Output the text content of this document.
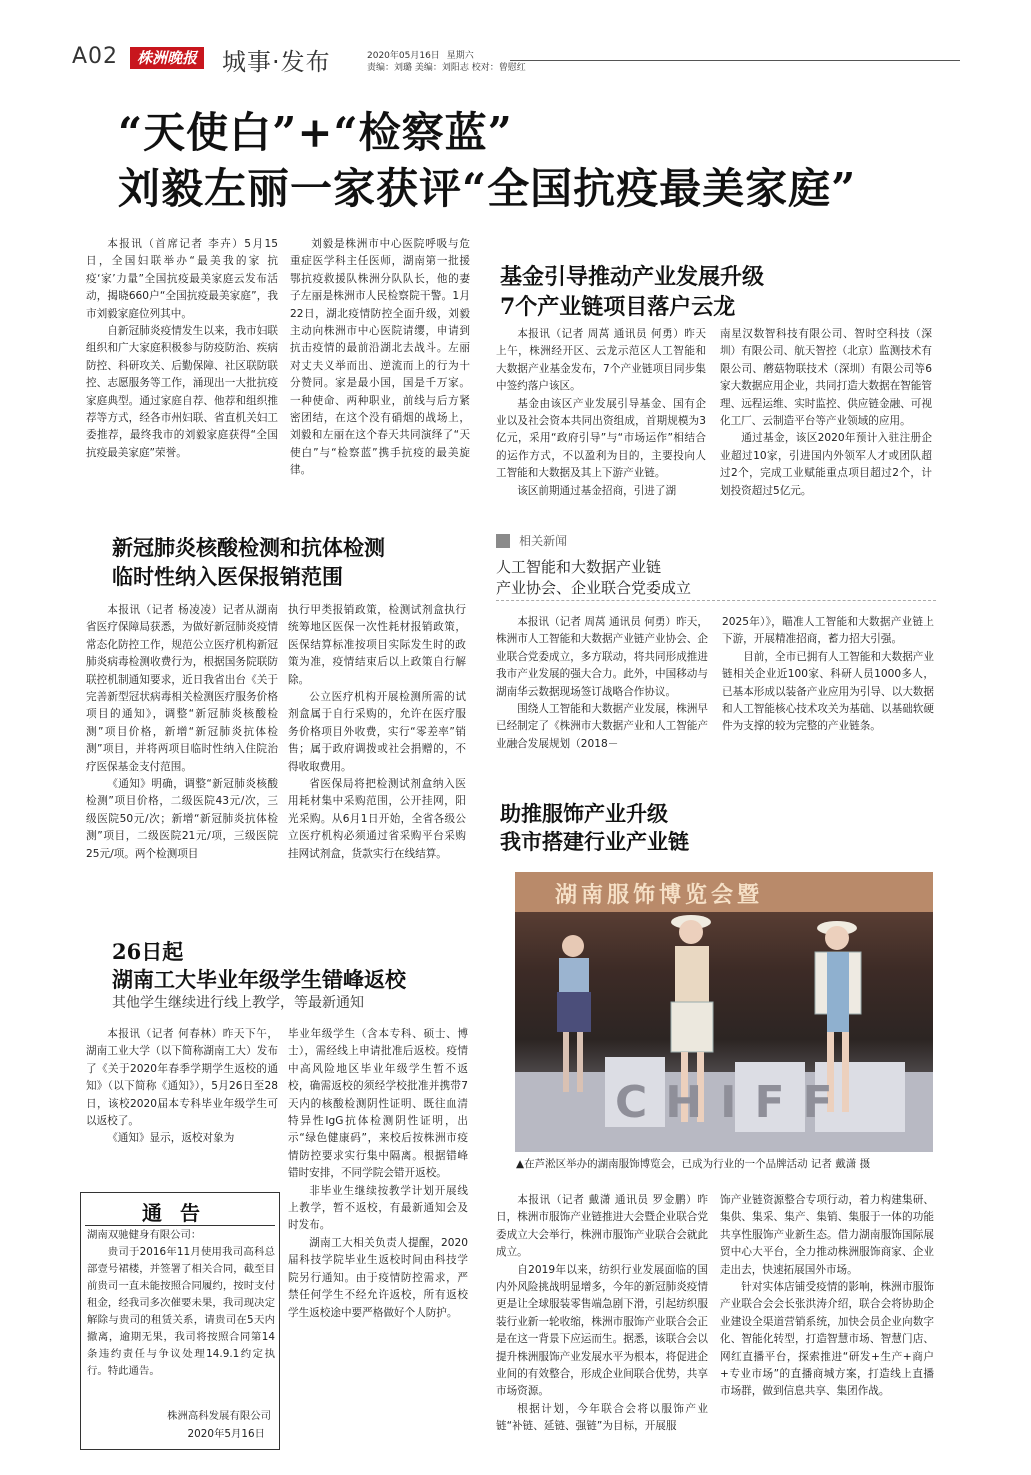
A02	株洲晚报 城事·发布	2020年05月16日 星期六
责编：刘璐 美编：刘阳志 校对：曾慰红
“天使白”+“检察蓝”
刘毅左丽一家获评“全国抗疫最美家庭”

本报讯（首席记者 李卉）5月15日，全国妇联举办“最美我的家 抗疫‘家’力量”全国抗疫最美家庭云发布活动，揭晓660户“全国抗疫最美家庭”，我市刘毅家庭位列其中。

自新冠肺炎疫情发生以来，我市妇联组织和广大家庭积极参与防疫防治、疾病防控、科研攻关、后勤保障、社区联防联控、志愿服务等工作，涌现出一大批抗疫家庭典型。通过家庭自荐、他荐和组织推荐等方式，经各市州妇联、省直机关妇工委推荐，最终我市的刘毅家庭获得“全国抗疫最美家庭”荣誉。

刘毅是株洲市中心医院呼吸与危重症医学科主任医师，湖南第一批援鄂抗疫救援队株洲分队队长，他的妻子左丽是株洲市人民检察院干警。1月22日，湖北疫情防控全面升级，刘毅主动向株洲市中心医院请缨，申请到抗击疫情的最前沿湖北去战斗。左丽对丈夫义举而出、逆流而上的行为十分赞同。家是最小国，国是千万家。一种使命、两种职业，前线与后方紧密团结，在这个没有硝烟的战场上，刘毅和左丽在这个春天共同演绎了“天使白”与“检察蓝”携手抗疫的最美旋律。

基金引导推动产业发展升级
7个产业链项目落户云龙

本报讯（记者 周莴 通讯员 何勇）昨天上午，株洲经开区、云龙示范区人工智能和大数据产业基金发布，7个产业链项目同步集中签约落户该区。

基金由该区产业发展引导基金、国有企业以及社会资本共同出资组成，首期规模为3亿元，采用“政府引导”与“市场运作”相结合的运作方式，不以盈利为目的，主要投向人工智能和大数据及其上下游产业链。

该区前期通过基金招商，引进了湖

南星汉数智科技有限公司、智时空科技（深圳）有限公司、航天智控（北京）监测技术有限公司、蘑菇物联技术（深圳）有限公司等6家大数据应用企业，共同打造大数据在智能管理、远程运维、实时监控、供应链金融、可视化工厂、云制造平台等产业领域的应用。

通过基金，该区2020年预计入驻注册企业超过10家，引进国内外领军人才或团队超过2个，完成工业赋能重点项目超过2个，计划投资超过5亿元。

新冠肺炎核酸检测和抗体检测
临时性纳入医保报销范围

本报讯（记者 杨凌凌）记者从湖南省医疗保障局获悉，为做好新冠肺炎疫情常态化防控工作，规范公立医疗机构新冠肺炎病毒检测收费行为，根据国务院联防联控机制通知要求，近日我省出台《关于完善新型冠状病毒相关检测医疗服务价格项目的通知》，调整“新冠肺炎核酸检测”项目价格，新增“新冠肺炎抗体检测”项目，并将两项目临时性纳入住院治疗医保基金支付范围。

《通知》明确，调整“新冠肺炎核酸检测”项目价格，二级医院43元/次，三级医院50元/次；新增“新冠肺炎抗体检测”项目，二级医院21元/项，三级医院25元/项。两个检测项目

执行甲类报销政策，检测试剂盒执行统筹地区医保一次性耗材报销政策，医保结算标准按项目实际发生时的政策为准，疫情结束后以上政策自行解除。

公立医疗机构开展检测所需的试剂盒属于自行采购的，允许在医疗服务价格项目外收费，实行“零差率”销售；属于政府调拨或社会捐赠的，不得收取费用。

省医保局将把检测试剂盒纳入医用耗材集中采购范围，公开挂网，阳光采购。从6月1日开始，全省各级公立医疗机构必须通过省采购平台采购挂网试剂盒，货款实行在线结算。

相关新闻
人工智能和大数据产业链
产业协会、企业联合党委成立

本报讯（记者 周莴 通讯员 何勇）昨天，株洲市人工智能和大数据产业链产业协会、企业联合党委成立，多方联动，将共同形成推进我市产业发展的强大合力。此外，中国移动与湖南华云数据现场签订战略合作协议。

围绕人工智能和大数据产业发展，株洲早已经制定了《株洲市大数据产业和人工智能产业融合发展规划（2018－

2025年）》，瞄准人工智能和大数据产业链上下游，开展精准招商，蓄力招大引强。

目前，全市已拥有人工智能和大数据产业链相关企业近100家、科研人员1000多人，已基本形成以装备产业应用为引导、以大数据和人工智能核心技术攻关为基础、以基础软硬件为支撑的较为完整的产业链条。

助推服饰产业升级
我市搭建行业产业链
湖南服饰博览会暨
CHIFF
▲在芦淞区举办的湖南服饰博览会，已成为行业的一个品牌活动 记者 戴潇 摄

本报讯（记者 戴潇 通讯员 罗金鹏）昨日，株洲市服饰产业链推进大会暨企业联合党委成立大会举行，株洲市服饰产业联合会就此成立。

自2019年以来，纺织行业发展面临的国内外风险挑战明显增多，今年的新冠肺炎疫情更是让全球服装零售端急剧下滑，引起纺织服装行业新一轮收缩，株洲市服饰产业联合会正是在这一背景下应运而生。据悉，该联合会以提升株洲服饰产业发展水平为根本，将促进企业间的有效整合，形成企业间联合优势，共享市场资源。

根据计划，今年联合会将以服饰产业链“补链、延链、强链”为目标，开展服

饰产业链资源整合专项行动，着力构建集研、集供、集采、集产、集销、集服于一体的功能共享性服饰产业新生态。借力湖南服饰国际展贸中心大平台，全力推动株洲服饰商家、企业走出去，快速拓展国外市场。

针对实体店铺受疫情的影响，株洲市服饰产业联合会会长张洪涛介绍，联合会将协助企业建设全渠道营销系统，加快会员企业向数字化、智能化转型，打造智慧市场、智慧门店、网红直播平台，探索推进“研发+生产+商户+专业市场”的直播商城方案，打造线上直播市场群，做到信息共享、集团作战。

26日起
湖南工大毕业年级学生错峰返校
其他学生继续进行线上教学，等最新通知

本报讯（记者 何春林）昨天下午，湖南工业大学（以下简称湖南工大）发布了《关于2020年春季学期学生返校的通知》（以下简称《通知》），5月26日至28日，该校2020届本专科毕业年级学生可以返校了。

《通知》显示，返校对象为

毕业年级学生（含本专科、硕士、博士），需经线上申请批准后返校。疫情中高风险地区毕业年级学生暂不返校，确需返校的须经学校批准并携带7天内的核酸检测阴性证明、既往血清特异性IgG抗体检测阴性证明，出示“绿色健康码”，来校后按株洲市疫情防控要求实行集中隔离。根据错峰错时安排，不同学院会错开返校。

非毕业生继续按教学计划开展线上教学，暂不返校，有最新通知会及时发布。

湖南工大相关负责人提醒，2020届科技学院毕业生返校时间由科技学院另行通知。由于疫情防控需求，严禁任何学生不经允许返校，所有返校学生返校途中要严格做好个人防护。

通告

湖南双驰健身有限公司：

贵司于2016年11月使用我司高科总部壹号裙楼，并签署了相关合同，截至目前贵司一直未能按照合同履约，按时支付租金，经我司多次催要未果，我司现决定解除与贵司的租赁关系，请贵司在5天内撤离，逾期无果，我司将按照合同第14条违约责任与争议处理14.9.1约定执行。特此通告。

株洲高科发展有限公司
2020年5月16日
